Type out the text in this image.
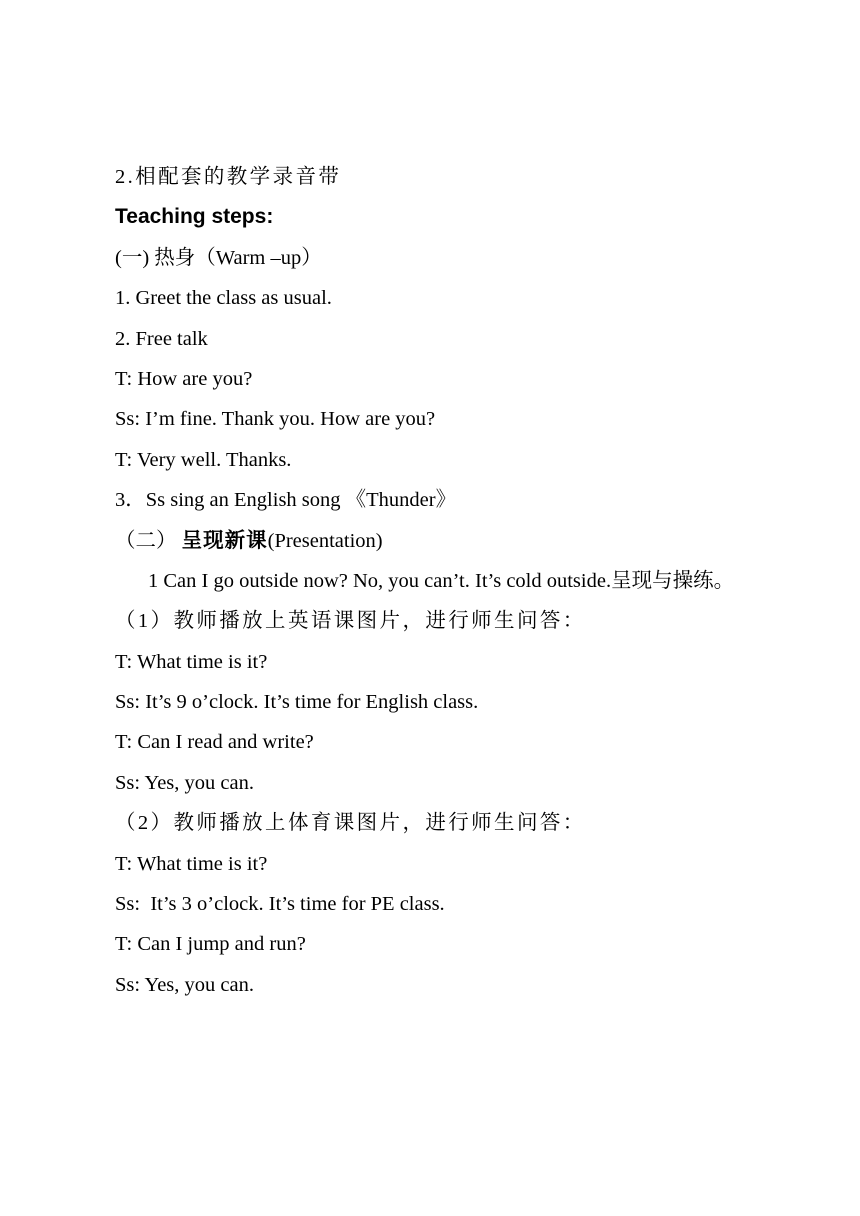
2.相配套的教学录音带
Teaching steps:
(一) 热身（Warm –up）
1. Greet the class as usual.
2. Free talk
T: How are you?
Ss: I’m fine. Thank you. How are you?
T: Very well. Thanks.
3．Ss sing an English song 《Thunder》
（二） 呈现新课(Presentation)
1 Can I go outside now? No, you can’t. It’s cold outside.呈现与操练。
（1）教师播放上英语课图片，进行师生问答：
T: What time is it?
Ss: It’s 9 o’clock. It’s time for English class.
T: Can I read and write?
Ss: Yes, you can.
（2）教师播放上体育课图片，进行师生问答：
T: What time is it?
Ss:  It’s 3 o’clock. It’s time for PE class.
T: Can I jump and run?
Ss: Yes, you can.
